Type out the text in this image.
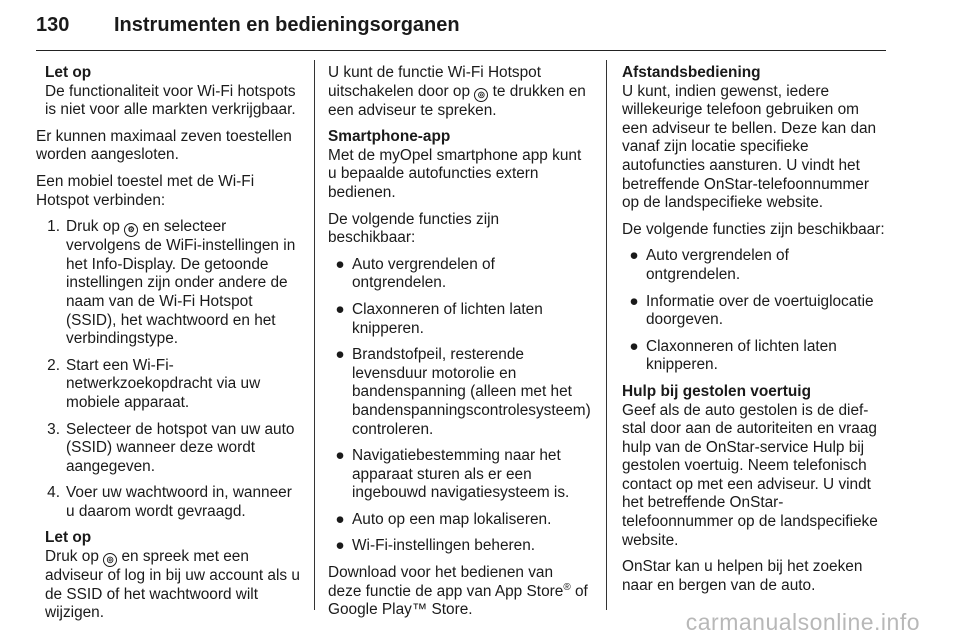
130 Instrumenten en bedieningsorganen
Let op
De functionaliteit voor Wi-Fi hotspots is niet voor alle markten verkrijgbaar.

Er kunnen maximaal zeven toestellen worden aangesloten.

Een mobiel toestel met de Wi-Fi Hotspot verbinden:

1. Druk op ⚙ en selecteer vervolgens de WiFi-instellingen in het Info-Display. De getoonde instellingen zijn onder andere de naam van de Wi-Fi Hotspot (SSID), het wachtwoord en het verbindingstype.
2. Start een Wi-Fi-netwerkzoekopdracht via uw mobiele apparaat.
3. Selecteer de hotspot van uw auto (SSID) wanneer deze wordt aangegeven.
4. Voer uw wachtwoord in, wanneer u daarom wordt gevraagd.
Let op
Druk op ◎ en spreek met een adviseur of log in bij uw account als u de SSID of het wachtwoord wilt wijzigen.

U kunt de functie Wi-Fi Hotspot uitschakelen door op ◎ te drukken en een adviseur te spreken.

Smartphone-app

Met de myOpel smartphone app kunt u bepaalde autofuncties extern bedienen.

De volgende functies zijn beschikbaar:

● Auto vergrendelen of ontgrendelen.
● Claxonneren of lichten laten knipperen.
● Brandstofpeil, resterende levensduur motorolie en bandenspanning (alleen met het bandenspanningscontrolesysteem) controleren.
● Navigatiebestemming naar het apparaat sturen als er een ingebouwd navigatiesysteem is.
● Auto op een map lokaliseren.
● Wi-Fi-instellingen beheren.

Download voor het bedienen van deze functie de app van App Store® of Google Play™ Store.

Afstandsbediening

U kunt, indien gewenst, iedere willekeurige telefoon gebruiken om een adviseur te bellen. Deze kan dan vanaf zijn locatie specifieke autofuncties aansturen. U vindt het betreffende OnStar-telefoonnummer op de landspecifieke website.

De volgende functies zijn beschikbaar:

● Auto vergrendelen of ontgrendelen.
● Informatie over de voertuiglocatie doorgeven.
● Claxonneren of lichten laten knipperen.
Hulp bij gestolen voertuig

Geef als de auto gestolen is de dief-stal door aan de autoriteiten en vraag hulp van de OnStar-service Hulp bij gestolen voertuig. Neem telefonisch contact op met een adviseur. U vindt het betreffende OnStar-telefoonnummer op de landspecifieke website.

OnStar kan u helpen bij het zoeken naar en bergen van de auto.

carmanualsonline.info
